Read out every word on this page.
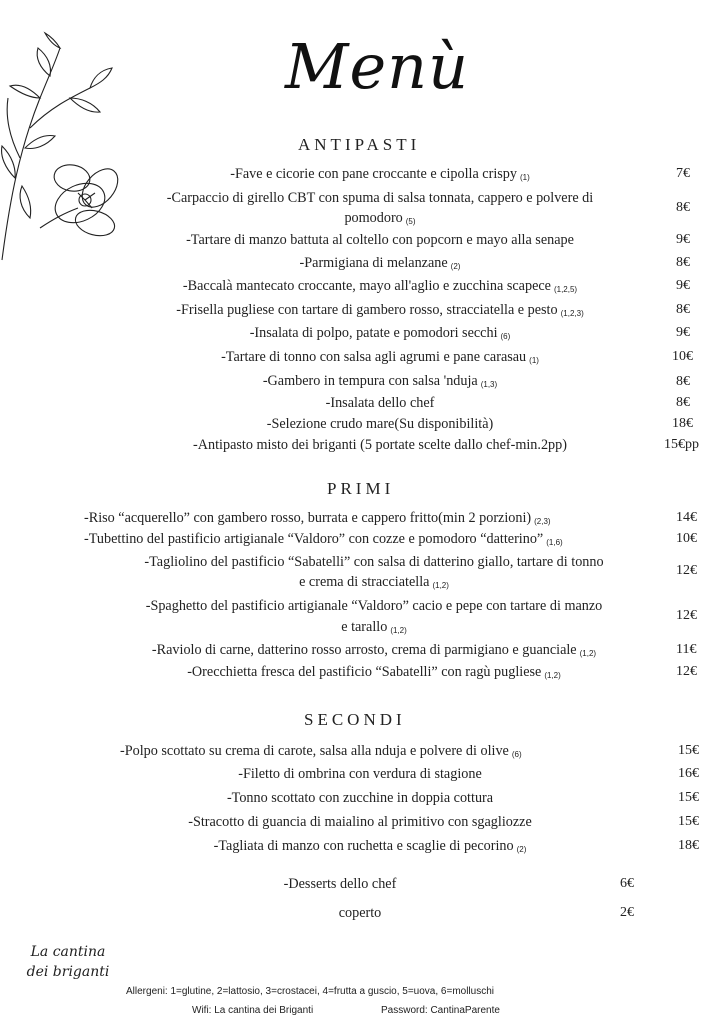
Menù
ANTIPASTI
-Fave e cicorie con pane croccante e cipolla crispy (1)	7€
-Carpaccio di girello CBT con spuma di salsa tonnata, cappero e polvere di
pomodoro (5)
8€
-Tartare di manzo battuta al coltello con popcorn e mayo alla senape	9€
-Parmigiana di melanzane (2)	8€
-Baccalà mantecato croccante, mayo all'aglio e zucchina scapece (1,2,5)	9€
-Frisella pugliese con tartare di gambero rosso, stracciatella e pesto (1,2,3)	8€
-Insalata di polpo, patate e pomodori secchi (6)	9€
-Tartare di tonno con salsa agli agrumi e pane carasau (1)	10€
-Gambero in tempura con salsa 'nduja (1,3)	8€
-Insalata dello chef	8€
-Selezione crudo mare(Su disponibilità)	18€
-Antipasto misto dei briganti (5 portate scelte dallo chef-min.2pp)	15€pp
PRIMI
-Riso “acquerello” con gambero rosso, burrata e cappero fritto(min 2 porzioni) (2,3)	14€
-Tubettino del pastificio artigianale “Valdoro” con cozze e pomodoro “datterino” (1,6)	10€
-Tagliolino del pastificio “Sabatelli” con salsa di datterino giallo, tartare di tonno
e crema di stracciatella (1,2)
12€
-Spaghetto del pastificio artigianale “Valdoro” cacio e pepe con tartare di manzo
e tarallo (1,2)
12€
-Raviolo di carne, datterino rosso arrosto, crema di parmigiano e guanciale (1,2)	11€
-Orecchietta fresca del pastificio “Sabatelli” con ragù pugliese (1,2)	12€
SECONDI
-Polpo scottato su crema di carote, salsa alla nduja e polvere di olive (6)	15€
-Filetto di ombrina con verdura di stagione	16€
-Tonno scottato con zucchine in doppia cottura	15€
-Stracotto di guancia di maialino al primitivo con sgagliozze	15€
-Tagliata di manzo con ruchetta e scaglie di pecorino (2)	18€
-Desserts dello chef	6€
coperto	2€
La cantina
dei briganti
Allergeni: 1=glutine, 2=lattosio, 3=crostacei, 4=frutta a guscio, 5=uova, 6=molluschi
Wifi: La cantina dei Briganti	Password: CantinaParente
